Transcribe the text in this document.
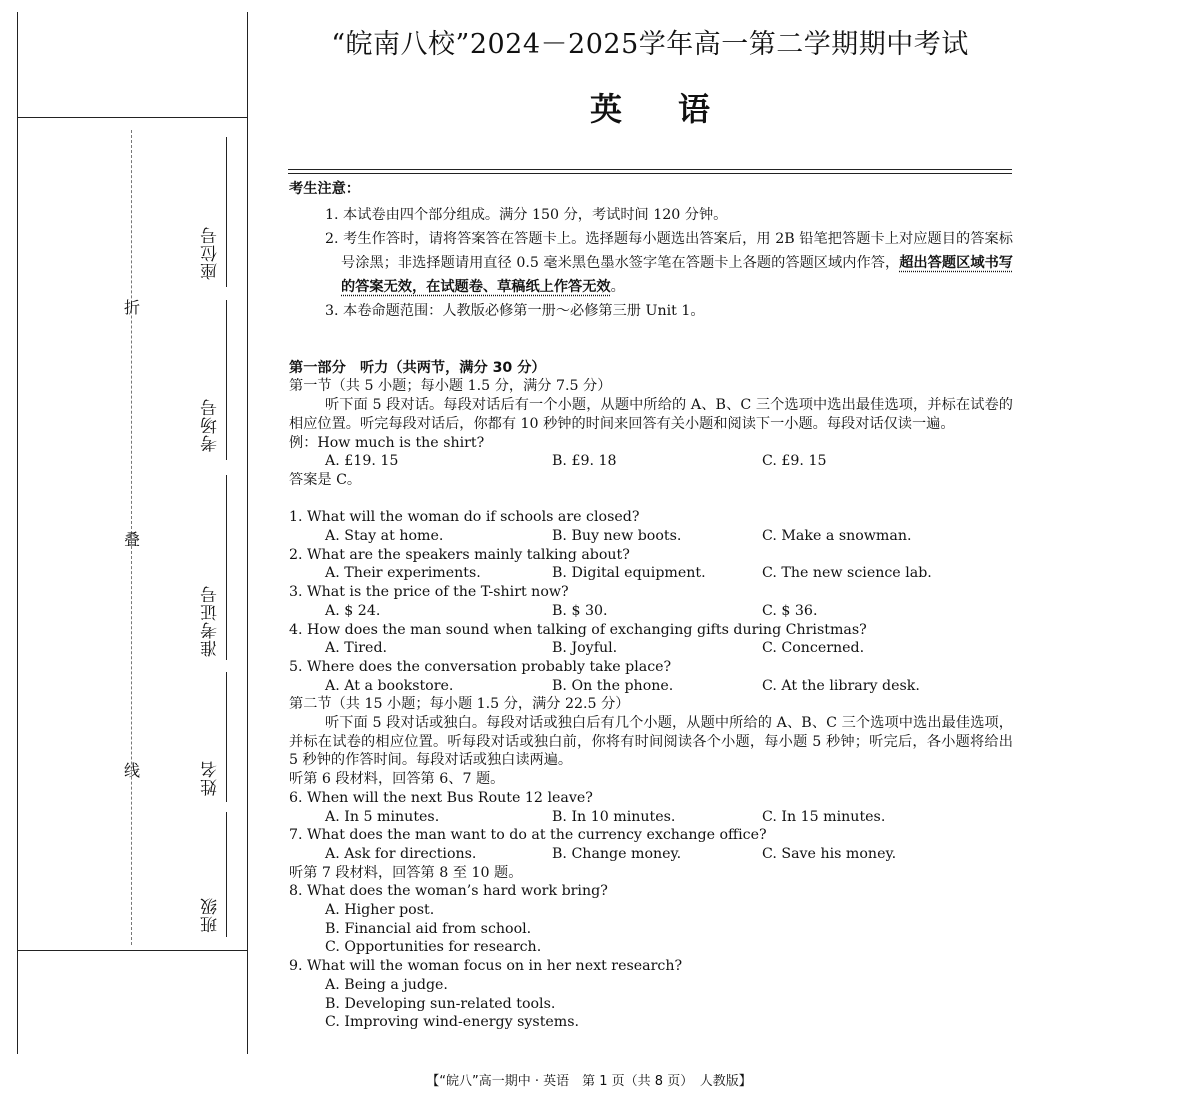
折
叠
线
座位号
考场号
准考证号
姓名
班级
“皖南八校”2024－2025学年高一第二学期期中考试
英语

考生注意：

1. 本试卷由四个部分组成。满分 150 分，考试时间 120 分钟。

2. 考生作答时，请将答案答在答题卡上。选择题每小题选出答案后，用 2B 铅笔把答题卡上对应题目的答案标号涂黑；非选择题请用直径 0.5 毫米黑色墨水签字笔在答题卡上各题的答题区域内作答，超出答题区域书写的答案无效，在试题卷、草稿纸上作答无效。

3. 本卷命题范围：人教版必修第一册～必修第三册 Unit 1。

第一部分　听力（共两节，满分 30 分）

第一节（共 5 小题；每小题 1.5 分，满分 7.5 分）

听下面 5 段对话。每段对话后有一个小题，从题中所给的 A、B、C 三个选项中选出最佳选项，并标在试卷的相应位置。听完每段对话后，你都有 10 秒钟的时间来回答有关小题和阅读下一小题。每段对话仅读一遍。

例：How much is the shirt?

A. £19. 15	B. £9. 18	C. £9. 15

答案是 C。

1. What will the woman do if schools are closed?

A. Stay at home.	B. Buy new boots.	C. Make a snowman.

2. What are the speakers mainly talking about?

A. Their experiments.	B. Digital equipment.	C. The new science lab.

3. What is the price of the T-shirt now?

A. $ 24.	B. $ 30.	C. $ 36.

4. How does the man sound when talking of exchanging gifts during Christmas?

A. Tired.	B. Joyful.	C. Concerned.

5. Where does the conversation probably take place?

A. At a bookstore.	B. On the phone.	C. At the library desk.

第二节（共 15 小题；每小题 1.5 分，满分 22.5 分）

听下面 5 段对话或独白。每段对话或独白后有几个小题，从题中所给的 A、B、C 三个选项中选出最佳选项，并标在试卷的相应位置。听每段对话或独白前，你将有时间阅读各个小题，每小题 5 秒钟；听完后，各小题将给出 5 秒钟的作答时间。每段对话或独白读两遍。

听第 6 段材料，回答第 6、7 题。

6. When will the next Bus Route 12 leave?

A. In 5 minutes.	B. In 10 minutes.	C. In 15 minutes.

7. What does the man want to do at the currency exchange office?

A. Ask for directions.	B. Change money.	C. Save his money.

听第 7 段材料，回答第 8 至 10 题。

8. What does the woman’s hard work bring?

A. Higher post.

B. Financial aid from school.

C. Opportunities for research.

9. What will the woman focus on in her next research?

A. Being a judge.

B. Developing sun-related tools.

C. Improving wind-energy systems.

【“皖八”高一期中 · 英语　第 1 页（共 8 页）　人教版】
